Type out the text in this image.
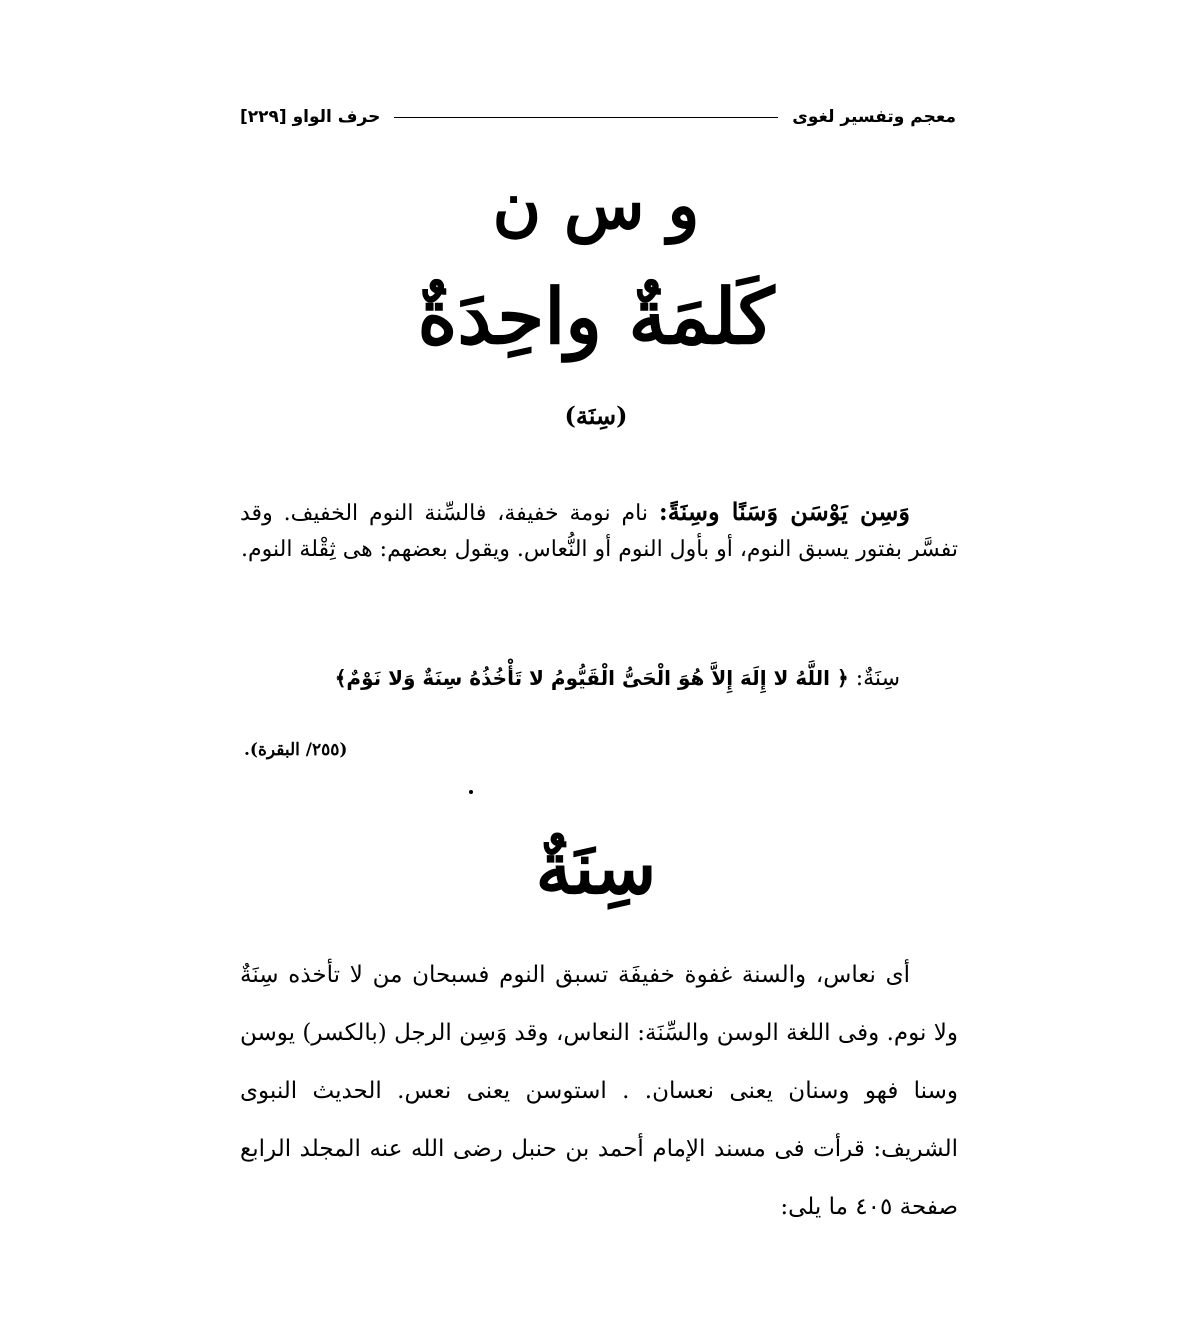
معجم وتفسير لغوى
حرف الواو [٢٢٩]
و س ن
كَلمَةٌ واحِدَةٌ
(سِنَة)
وَسِن يَوْسَن وَسَنًا وسِنَةً: نام نومة خفيفة، فالسِّنة النوم الخفيف. وقد تفسَّر بفتور يسبق النوم، أو بأول النوم أو النُّعاس. ويقول بعضهم: هى ثِقْلة النوم.
سِنَةٌ: ﴿ اللَّهُ لا إِلَهَ إِلاَّ هُوَ الْحَىُّ الْقَيُّومُ لا تَأْخُذُهُ سِنَةٌ وَلا نَوْمٌ﴾
(٢٥٥/ البقرة).
سِنَةٌ
أى نعاس، والسنة غفوة خفيفَة تسبق النوم فسبحان من لا تأخذه سِنَةٌ ولا نوم. وفى اللغة الوسن والسِّنَة: النعاس، وقد وَسِن الرجل (بالكسر) يوسن وسنا فهو وسنان يعنى نعسان. . استوسن يعنى نعس. الحديث النبوى الشريف: قرأت فى مسند الإمام أحمد بن حنبل رضى الله عنه المجلد الرابع صفحة ٤٠٥ ما يلى:
